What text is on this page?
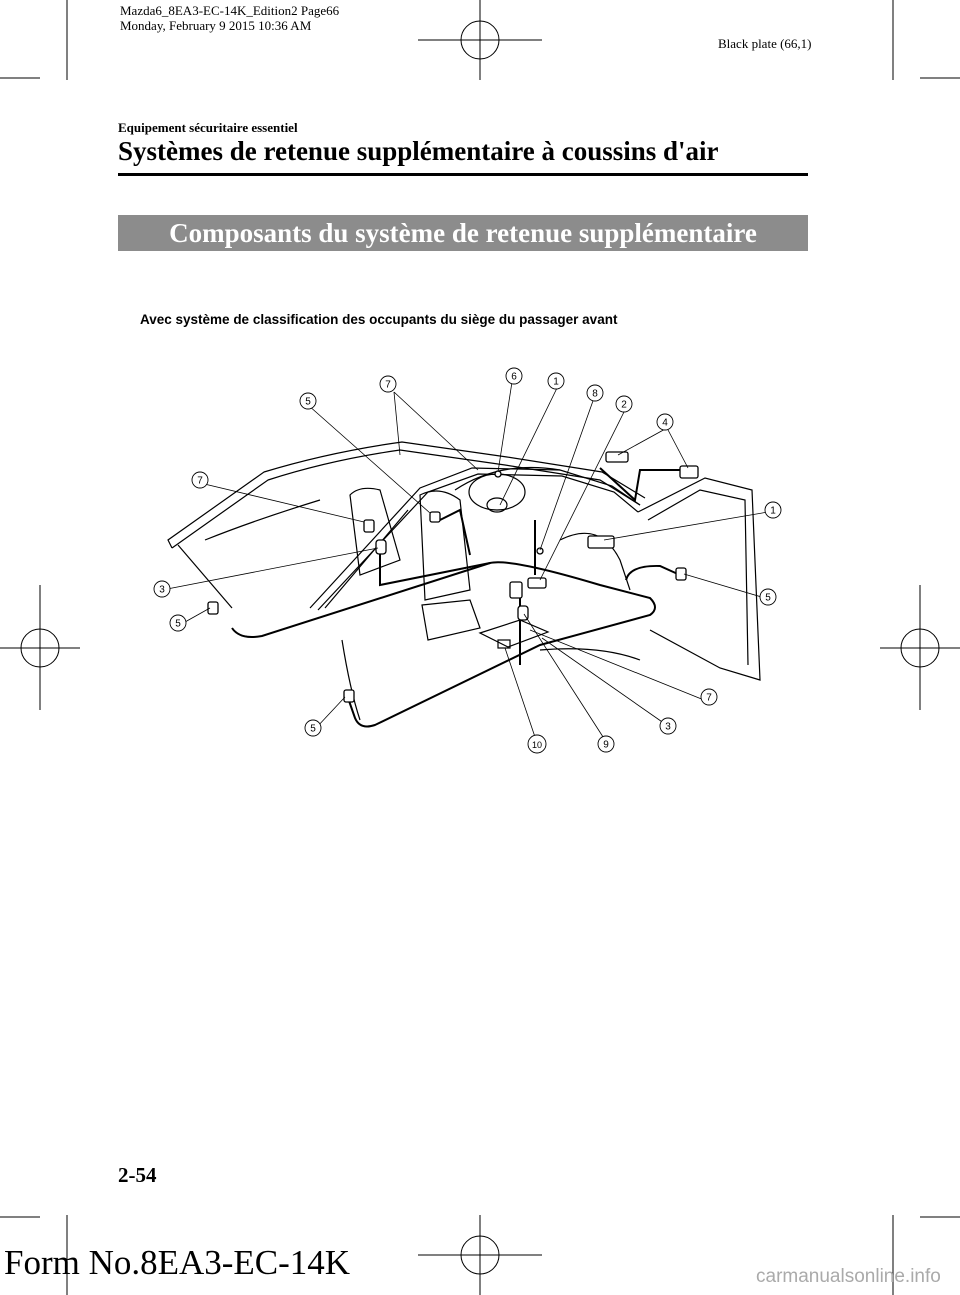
Mazda6_8EA3-EC-14K_Edition2 Page66
Monday, February 9 2015 10:36 AM
Black plate (66,1)
Equipement sécuritaire essentiel
Systèmes de retenue supplémentaire à coussins d'air
Composants du système de retenue supplémentaire
Avec système de classification des occupants du siège du passager avant
7
6	1
8
2
5
4
7
1
3
5
5
7
5
10	9
3
2-54
Form No.8EA3-EC-14K	carmanualsonline.info
